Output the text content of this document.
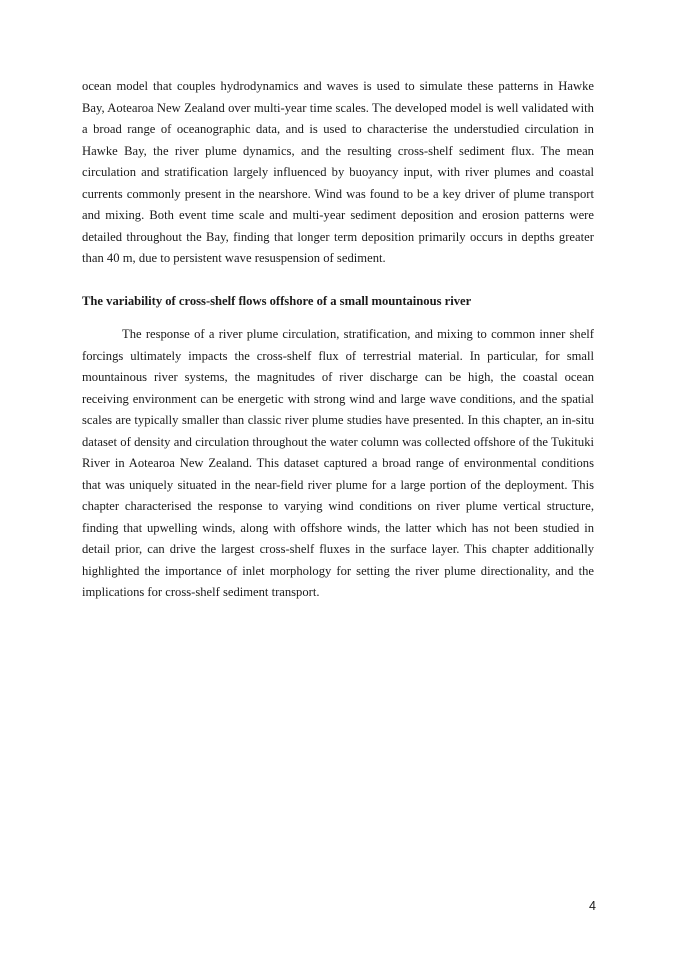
ocean model that couples hydrodynamics and waves is used to simulate these patterns in Hawke Bay, Aotearoa New Zealand over multi-year time scales. The developed model is well validated with a broad range of oceanographic data, and is used to characterise the understudied circulation in Hawke Bay, the river plume dynamics, and the resulting cross-shelf sediment flux. The mean circulation and stratification largely influenced by buoyancy input, with river plumes and coastal currents commonly present in the nearshore. Wind was found to be a key driver of plume transport and mixing. Both event time scale and multi-year sediment deposition and erosion patterns were detailed throughout the Bay, finding that longer term deposition primarily occurs in depths greater than 40 m, due to persistent wave resuspension of sediment.

The variability of cross-shelf flows offshore of a small mountainous river

The response of a river plume circulation, stratification, and mixing to common inner shelf forcings ultimately impacts the cross-shelf flux of terrestrial material. In particular, for small mountainous river systems, the magnitudes of river discharge can be high, the coastal ocean receiving environment can be energetic with strong wind and large wave conditions, and the spatial scales are typically smaller than classic river plume studies have presented. In this chapter, an in-situ dataset of density and circulation throughout the water column was collected offshore of the Tukituki River in Aotearoa New Zealand. This dataset captured a broad range of environmental conditions that was uniquely situated in the near-field river plume for a large portion of the deployment. This chapter characterised the response to varying wind conditions on river plume vertical structure, finding that upwelling winds, along with offshore winds, the latter which has not been studied in detail prior, can drive the largest cross-shelf fluxes in the surface layer. This chapter additionally highlighted the importance of inlet morphology for setting the river plume directionality, and the implications for cross-shelf sediment transport.

4
